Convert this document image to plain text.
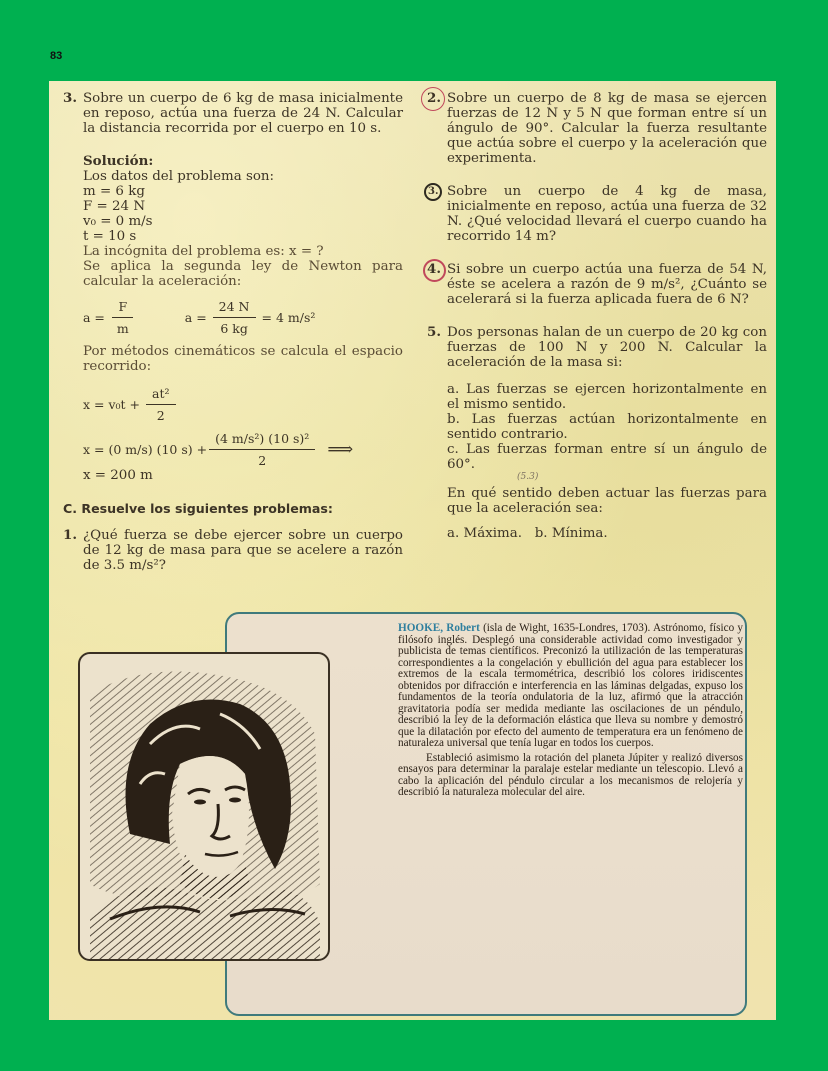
83
3. Sobre un cuerpo de 6 kg de masa inicialmente en reposo, actúa una fuerza de 24 N. Calcular la distancia recorrida por el cuerpo en 10 s.
Solución:
Los datos del problema son:
m = 6 kg
F = 24 N
v₀ = 0 m/s
t = 10 s
La incógnita del problema es: x = ?
Se aplica la segunda ley de Newton para calcular la aceleración:
$a = \frac{F}{m}$	$a = \frac{24 N}{6 kg} = 4$ m/s²
Por métodos cinemáticos se calcula el espacio recorrido:
$x = v_0t + \frac{\text{at²}}{2}$
x = (0 m/s) (10 $s) + \frac{\text{(4 m/s²) (10 s)²}}{2}$ ⟹
x = 200 m
C. Resuelve los siguientes problemas:
1. ¿Qué fuerza se debe ejercer sobre un cuerpo de 12 kg de masa para que se acelere a razón de 3.5 m/s²?
2. Sobre un cuerpo de 8 kg de masa se ejercen fuerzas de 12 N y 5 N que forman entre sí un ángulo de 90°. Calcular la fuerza resultante que actúa sobre el cuerpo y la aceleración que experimenta.
3. Sobre un cuerpo de 4 kg de masa, inicialmente en reposo, actúa una fuerza de 32 N. ¿Qué velocidad llevará el cuerpo cuando ha recorrido 14 m?
4. Si sobre un cuerpo actúa una fuerza de 54 N, éste se acelera a razón de 9 m/s², ¿Cuánto se acelerará si la fuerza aplicada fuera de 6 N?
5. Dos personas halan de un cuerpo de 20 kg con fuerzas de 100 N y 200 N. Calcular la aceleración de la masa si:
a. Las fuerzas se ejercen horizontalmente en el mismo sentido.
b. Las fuerzas actúan horizontalmente en sentido contrario.
c. Las fuerzas forman entre sí un ángulo de 60°.
(5.3)
En qué sentido deben actuar las fuerzas para que la aceleración sea:
a. Máxima.   b. Mínima.
HOOKE, Robert (isla de Wight, 1635-Londres, 1703). Astrónomo, físico y filósofo inglés. Desplegó una considerable actividad como investigador y publicista de temas científicos. Preconizó la utilización de las temperaturas correspondientes a la congelación y ebullición del agua para establecer los extremos de la escala termométrica, describió los colores iridiscentes obtenidos por difracción e interferencia en las láminas delgadas, expuso los fundamentos de la teoría ondulatoria de la luz, afirmó que la atracción gravitatoria podía ser medida mediante las oscilaciones de un péndulo, describió la ley de la deformación elástica que lleva su nombre y demostró que la dilatación por efecto del aumento de temperatura era un fenómeno de naturaleza universal que tenía lugar en todos los cuerpos.
Estableció asimismo la rotación del planeta Júpiter y realizó diversos ensayos para determinar la paralaje estelar mediante un telescopio. Llevó a cabo la aplicación del péndulo circular a los mecanismos de relojería y describió la naturaleza molecular del aire.
